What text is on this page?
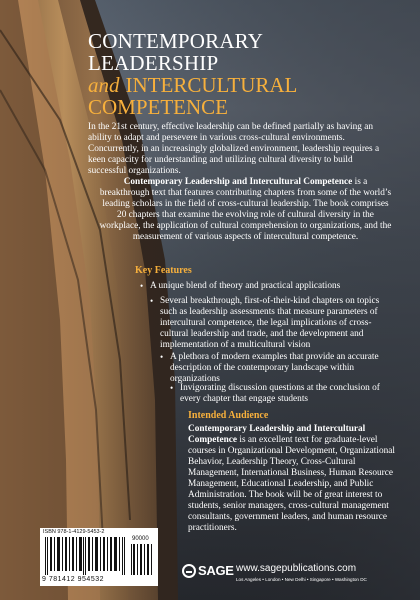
CONTEMPORARY
LEADERSHIP
and INTERCULTURAL
COMPETENCE
In the 21st century, effective leadership can be defined partially as having an ability to adapt and persevere in various cross-cultural environments. Concurrently, in an increasingly globalized environment, leadership requires a keen capacity for understanding and utilizing cultural diversity to build successful organizations.
Contemporary Leadership and Intercultural Competence is a breakthrough text that features contributing chapters from some of the world’s leading scholars in the field of cross-cultural leadership. The book comprises 20 chapters that examine the evolving role of cultural diversity in the workplace, the application of cultural comprehension to organizations, and the measurement of various aspects of intercultural competence.
Key Features
• A unique blend of theory and practical applications
• Several breakthrough, first-of-their-kind chapters on topics such as leadership assessments that measure parameters of intercultural competence, the legal implications of cross-cultural leadership and trade, and the development and implementation of a multicultural vision
• A plethora of modern examples that provide an accurate description of the contemporary landscape within organizations
• Invigorating discussion questions at the conclusion of every chapter that engage students
Intended Audience
Contemporary Leadership and Intercultural Competence is an excellent text for graduate-level courses in Organizational Development, Organizational Behavior, Leadership Theory, Cross-Cultural Management, International Business, Human Resource Management, Educational Leadership, and Public Administration. The book will be of great interest to students, senior managers, cross-cultural management consultants, government leaders, and human resource practitioners.
ISBN 978-1-4129-5453-2
9 781412 954532
90000
SAGE www.sagepublications.com
Los Angeles • London • New Delhi • Singapore • Washington DC
